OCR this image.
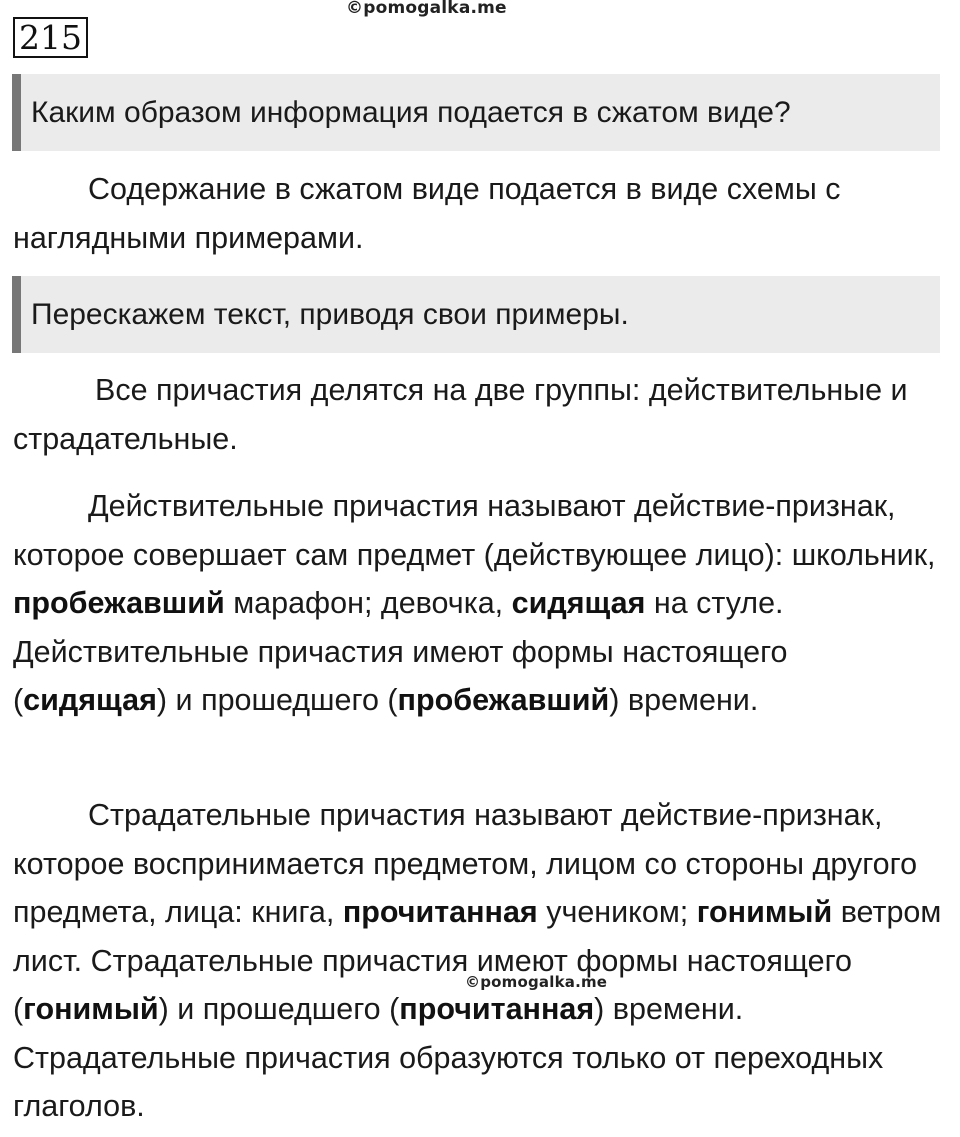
©pomogalka.me
215
Каким образом информация подается в сжатом виде?

Содержание в сжатом виде подается в виде схемы с наглядными примерами.

Перескажем текст, приводя свои примеры.

Все причастия делятся на две группы: действительные и страдательные.

Действительные причастия называют действие-признак, которое совершает сам предмет (действующее лицо): школьник, пробежавший марафон; девочка, сидящая на стуле. Действительные причастия имеют формы настоящего (сидящая) и прошедшего (пробежавший) времени.

Страдательные причастия называют действие-признак, которое воспринимается предметом, лицом со стороны другого предмета, лица: книга, прочитанная учеником; гонимый ветром лист. Страдательные причастия имеют формы настоящего (гонимый) и прошедшего (прочитанная) времени. Страдательные причастия образуются только от переходных глаголов.

©pomogalka.me
